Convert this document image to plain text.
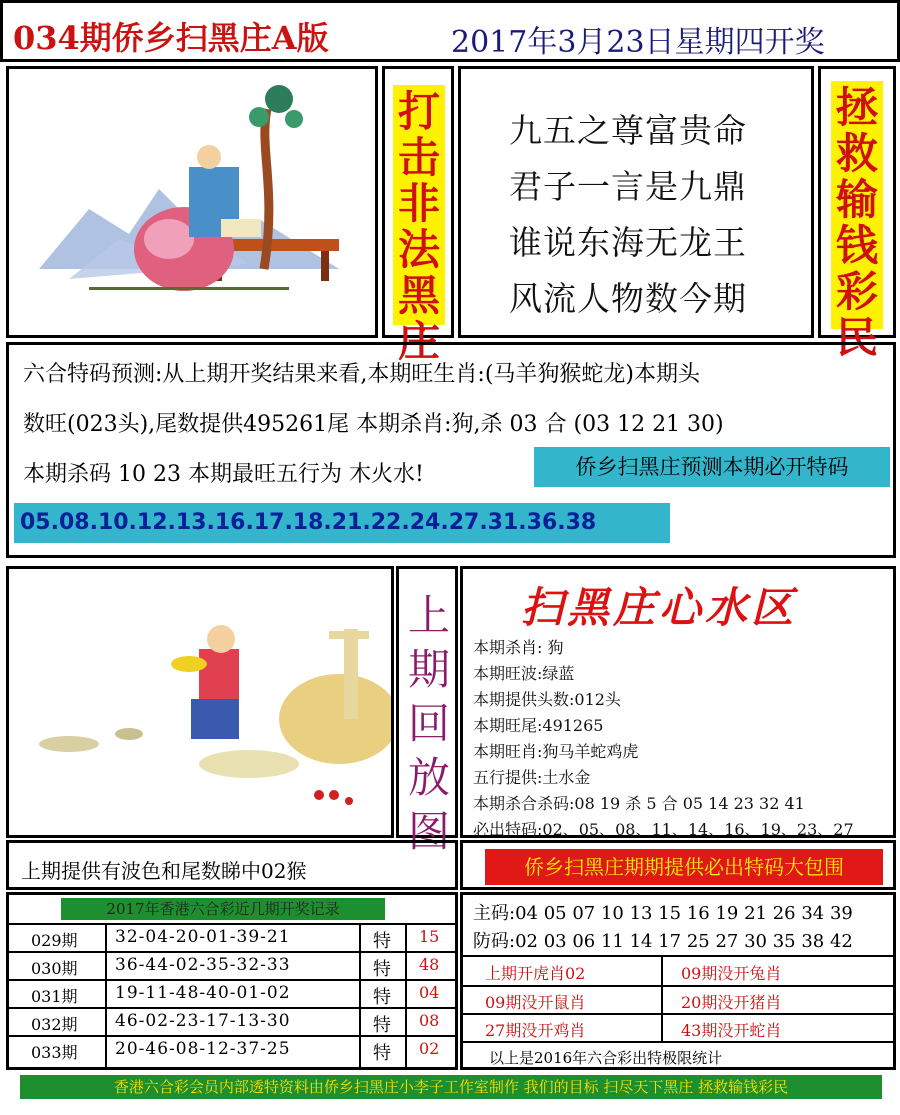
034期侨乡扫黑庄A版	2017年3月23日星期四开奖
打击非法黑庄
九五之尊富贵命
君子一言是九鼎
谁说东海无龙王
风流人物数今期
拯救输钱彩民
六合特码预测:从上期开奖结果来看,本期旺生肖:(马羊狗猴蛇龙)本期头
数旺(023头),尾数提供495261尾 本期杀肖:狗,杀 03 合 (03 12 21 30)
本期杀码 10 23 本期最旺五行为 木火水!	侨乡扫黑庄预测本期必开特码
05.08.10.12.13.16.17.18.21.22.24.27.31.36.38
上期回放图
扫黑庄心水区
本期杀肖: 狗
本期旺波:绿蓝
本期提供头数:012头
本期旺尾:491265
本期旺肖:狗马羊蛇鸡虎
五行提供:土水金
本期杀合杀码:08 19 杀 5 合 05 14 23 32 41
必出特码:02、05、08、11、14、16、19、23、27
上期提供有波色和尾数睇中02猴	侨乡扫黑庄期期提供必出特码大包围
2017年香港六合彩近几期开奖记录
029期 32-04-20-01-39-21	特 15
030期 36-44-02-35-32-33	特 48
031期 19-11-48-40-01-02	特 04
032期 46-02-23-17-13-30	特 08
033期 20-46-08-12-37-25	特 02
主码:04 05 07 10 13 15 16 19 21 26 34 39
防码:02 03 06 11 14 17 25 27 30 35 38 42
上期开虎肖02	09期没开兔肖
09期没开鼠肖	20期没开猪肖
27期没开鸡肖	43期没开蛇肖
以上是2016年六合彩出特极限统计
香港六合彩会员内部透特资料由侨乡扫黑庄小李子工作室制作 我们的目标 扫尽天下黑庄 拯救输钱彩民
